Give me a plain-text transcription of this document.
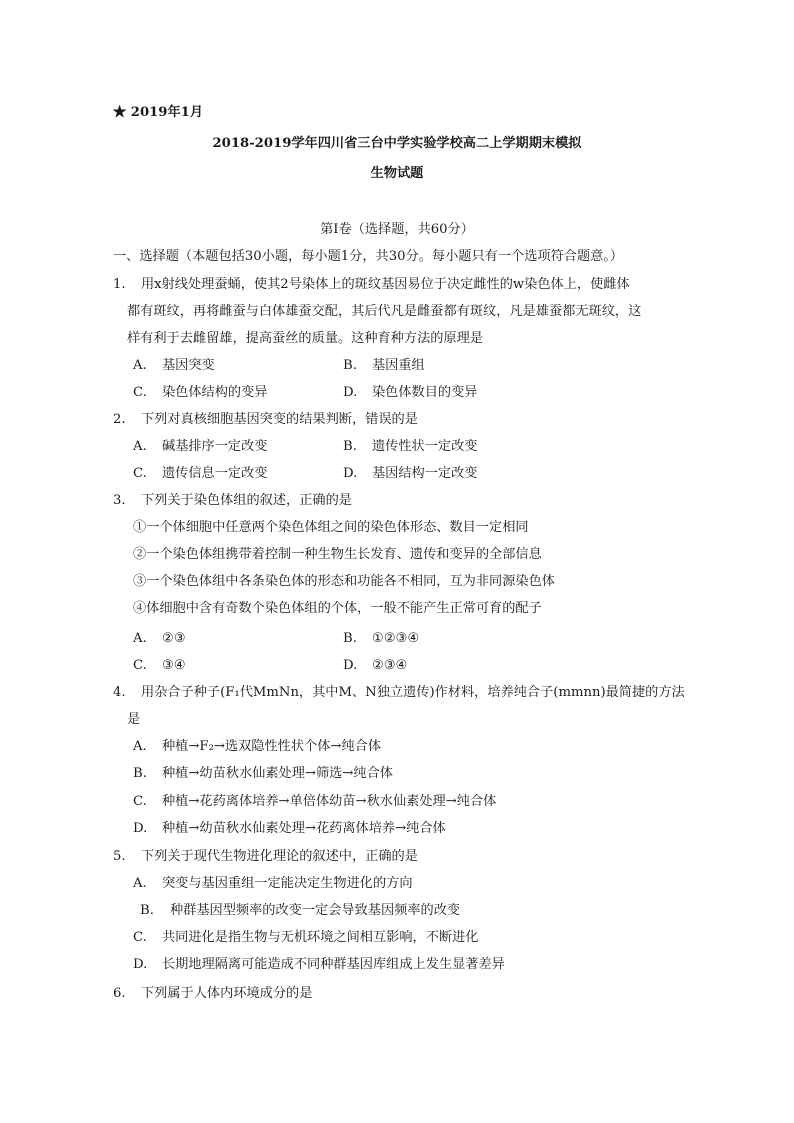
★ 2019年1月
2018-2019学年四川省三台中学实验学校高二上学期期末模拟
生物试题
第Ⅰ卷（选择题，共60分）
一、选择题（本题包括30小题，每小题1分，共30分。每小题只有一个选项符合题意。）
1. 用x射线处理蚕蛹，使其2号染体上的斑纹基因易位于决定雌性的w染色体上，使雌体
都有斑纹，再将雌蚕与白体雄蚕交配，其后代凡是雌蚕都有斑纹，凡是雄蚕都无斑纹，这
样有利于去雌留雄，提高蚕丝的质量。这种育种方法的原理是
A. 基因突变	B. 基因重组
C. 染色体结构的变异	D. 染色体数目的变异
2. 下列对真核细胞基因突变的结果判断，错误的是
A. 碱基排序一定改变	B. 遗传性状一定改变
C. 遗传信息一定改变	D. 基因结构一定改变
3. 下列关于染色体组的叙述，正确的是
①一个体细胞中任意两个染色体组之间的染色体形态、数目一定相同
②一个染色体组携带着控制一种生物生长发育、遗传和变异的全部信息
③一个染色体组中各条染色体的形态和功能各不相同，互为非同源染色体
④体细胞中含有奇数个染色体组的个体，一般不能产生正常可育的配子
A. ②③	B. ①②③④
C. ③④	D. ②③④
4. 用杂合子种子(F₁代MmNn，其中M、N独立遗传)作材料，培养纯合子(mmnn)最简捷的方法
是
A. 种植→F₂→选双隐性性状个体→纯合体
B. 种植→幼苗秋水仙素处理→筛选→纯合体
C. 种植→花药离体培养→单倍体幼苗→秋水仙素处理→纯合体
D. 种植→幼苗秋水仙素处理→花药离体培养→纯合体
5. 下列关于现代生物进化理论的叙述中，正确的是
A. 突变与基因重组一定能决定生物进化的方向
B. 种群基因型频率的改变一定会导致基因频率的改变
C. 共同进化是指生物与无机环境之间相互影响，不断进化
D. 长期地理隔离可能造成不同种群基因库组成上发生显著差异
6. 下列属于人体内环境成分的是
